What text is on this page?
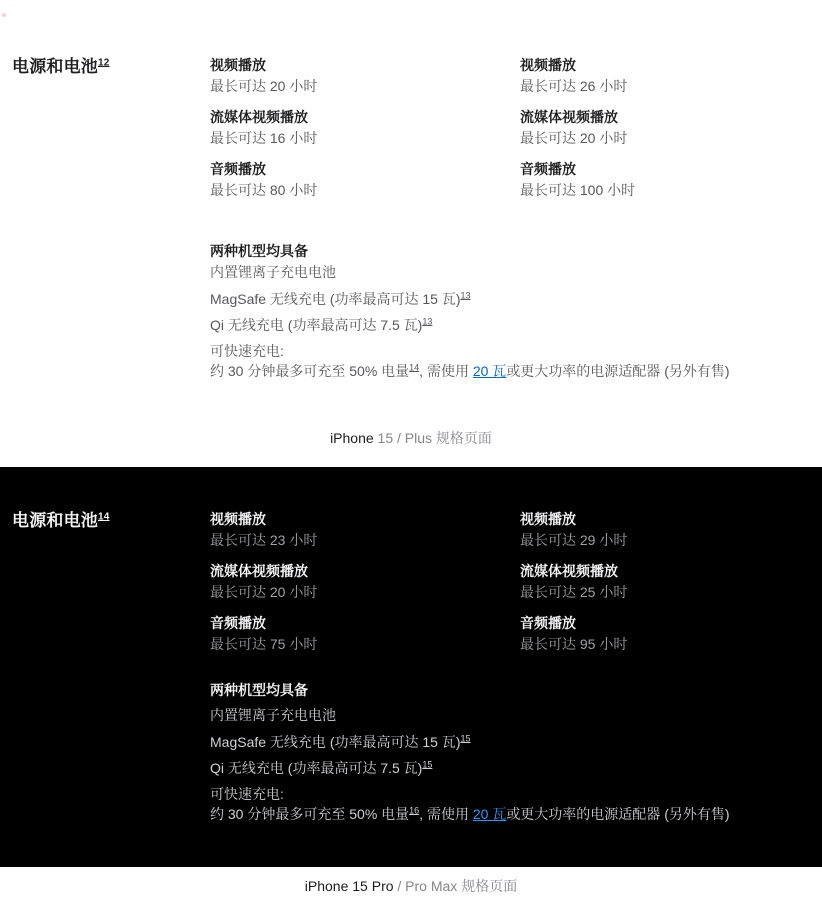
电源和电池$^{12}$	视频播放
最长可达 20 小时
流媒体视频播放
最长可达 16 小时
音频播放
最长可达 80 小时
视频播放
最长可达 26 小时
流媒体视频播放
最长可达 20 小时
音频播放
最长可达 100 小时

两种机型均具备

内置锂离子充电电池

MagSafe 无线充电 (功率最高可达 15 瓦)$^{13}$

Qi 无线充电 (功率最高可达 7.5 瓦)$^{13}$

可快速充电:
约 30 分钟最多可充至 50% 电量$^{14}$, 需使用 20 瓦或更大功率的电源适配器 (另外有售)

iPhone 15 / Plus 规格页面

电源和电池$^{14}$	视频播放
最长可达 23 小时
流媒体视频播放
最长可达 20 小时
音频播放
最长可达 75 小时
视频播放
最长可达 29 小时
流媒体视频播放
最长可达 25 小时
音频播放
最长可达 95 小时

两种机型均具备

内置锂离子充电电池

MagSafe 无线充电 (功率最高可达 15 瓦)$^{15}$

Qi 无线充电 (功率最高可达 7.5 瓦)$^{15}$

可快速充电:
约 30 分钟最多可充至 50% 电量$^{16}$, 需使用 20 瓦或更大功率的电源适配器 (另外有售)

iPhone 15 Pro / Pro Max 规格页面
